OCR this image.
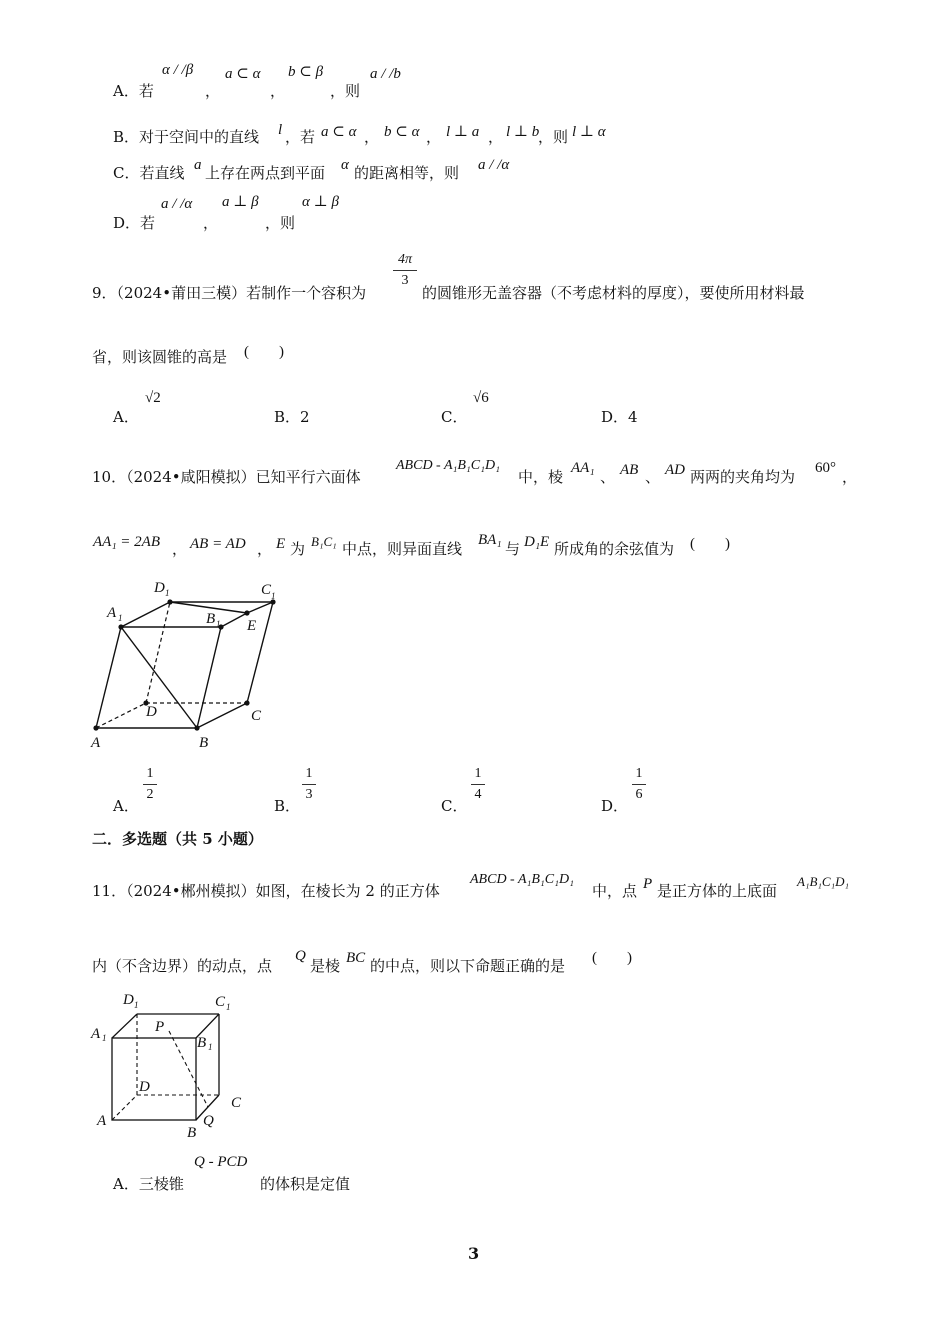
A．若
α / /β
，
a ⊂ α
，
b ⊂ β
，则
a / /b
B．对于空间中的直线 l ，若 a ⊂ α ， b ⊂ α ， l ⊥ a ， l ⊥ b
，则 l ⊥ α
C．若直线 a 上存在两点到平面 α 的距离相等，则 a / /α
D．若
a / /α
，
a ⊥ β
，则
α ⊥ β
9．（2024•莆田三模）若制作一个容积为
4π
3
的圆锥形无盖容器（不考虑材料的厚度），要使所用材料最
省，则该圆锥的高是 (　　)
A．
√2
B．2	C．
√6
D．4
10．（2024•咸阳模拟）已知平行六面体
ABCD - A₁B₁C₁D₁
中，棱 AA₁ 、 AB 、 AD 两两的夹角均为 60° ，
AA₁ = 2AB ， AB = AD ， E 为 B₁C₁ 中点，则异面直线 BA₁ 与 D₁E 所成角的余弦值为 (　　)
A	B
C
D
A 1	B 1
C 1
D 1
E
A．
1
2
B．
1
3
C．
1
4
D．
1
6
二．多选题（共 5 小题）
11．（2024•郴州模拟）如图，在棱长为 2 的正方体
ABCD - A₁B₁C₁D₁
中，点 P 是正方体的上底面
A₁B₁C₁D₁
内（不含边界）的动点，点
Q
是棱 BC 的中点，则以下命题正确的是 (　　)
A
B
Q
C
D
A 1	B 1
C 1
D 1
P
A．三棱锥
Q - PCD
的体积是定值
3
